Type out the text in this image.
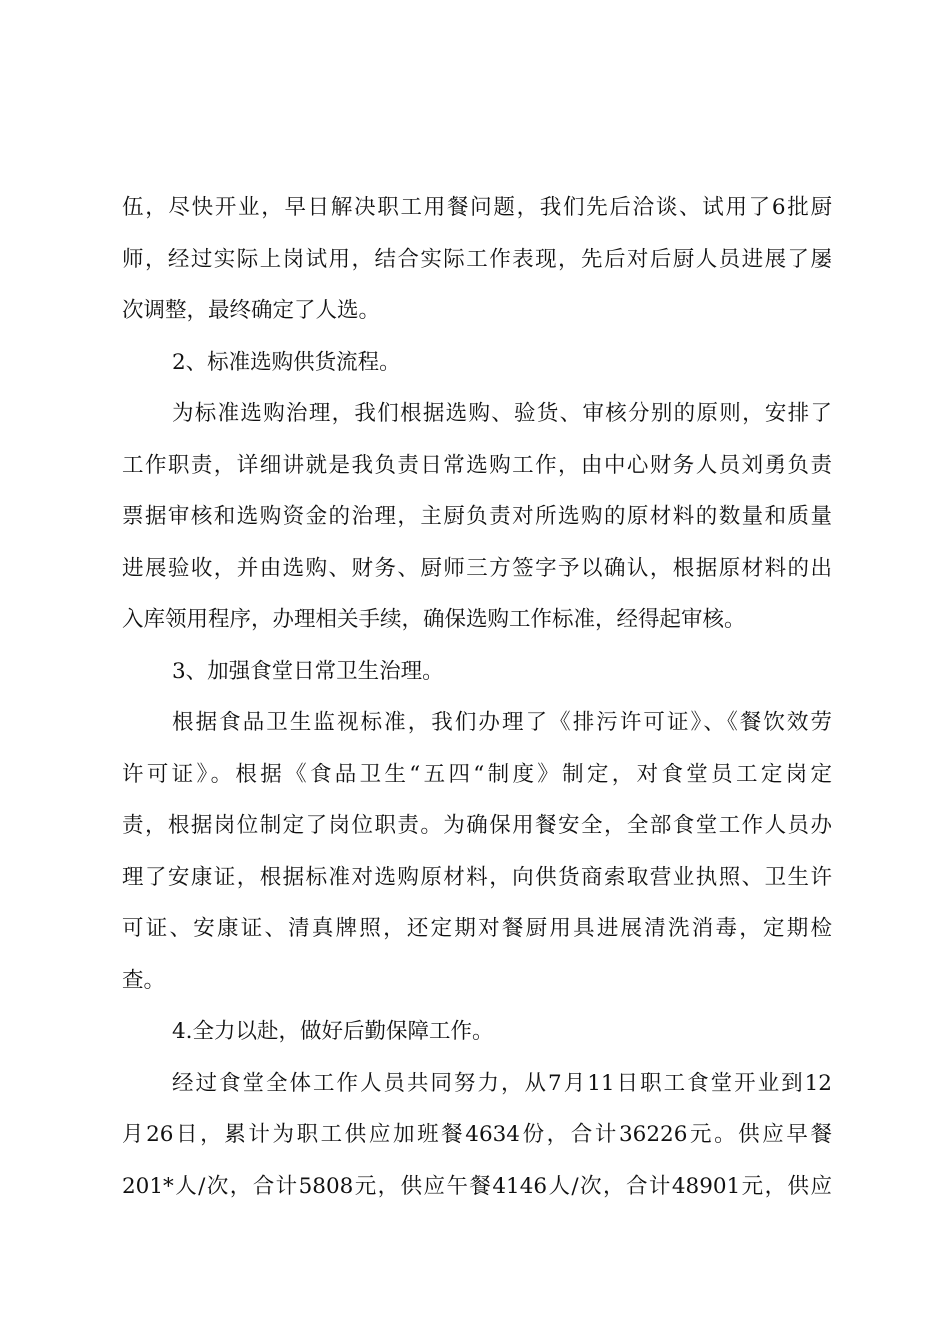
伍，尽快开业，早日解决职工用餐问题，我们先后洽谈、试用了6批厨
师，经过实际上岗试用，结合实际工作表现，先后对后厨人员进展了屡
次调整，最终确定了人选。
2、标准选购供货流程。
为标准选购治理，我们根据选购、验货、审核分别的原则，安排了
工作职责，详细讲就是我负责日常选购工作，由中心财务人员刘勇负责
票据审核和选购资金的治理，主厨负责对所选购的原材料的数量和质量
进展验收，并由选购、财务、厨师三方签字予以确认，根据原材料的出
入库领用程序，办理相关手续，确保选购工作标准，经得起审核。
3、加强食堂日常卫生治理。
根据食品卫生监视标准，我们办理了《排污许可证》、《餐饮效劳
许可证》。根据《食品卫生“五四“制度》制定，对食堂员工定岗定
责，根据岗位制定了岗位职责。为确保用餐安全，全部食堂工作人员办
理了安康证，根据标准对选购原材料，向供货商索取营业执照、卫生许
可证、安康证、清真牌照，还定期对餐厨用具进展清洗消毒，定期检
查。
4.全力以赴，做好后勤保障工作。
经过食堂全体工作人员共同努力，从7月11日职工食堂开业到12
月26日，累计为职工供应加班餐4634份，合计36226元。供应早餐
201*人/次，合计5808元，供应午餐4146人/次，合计48901元，供应
